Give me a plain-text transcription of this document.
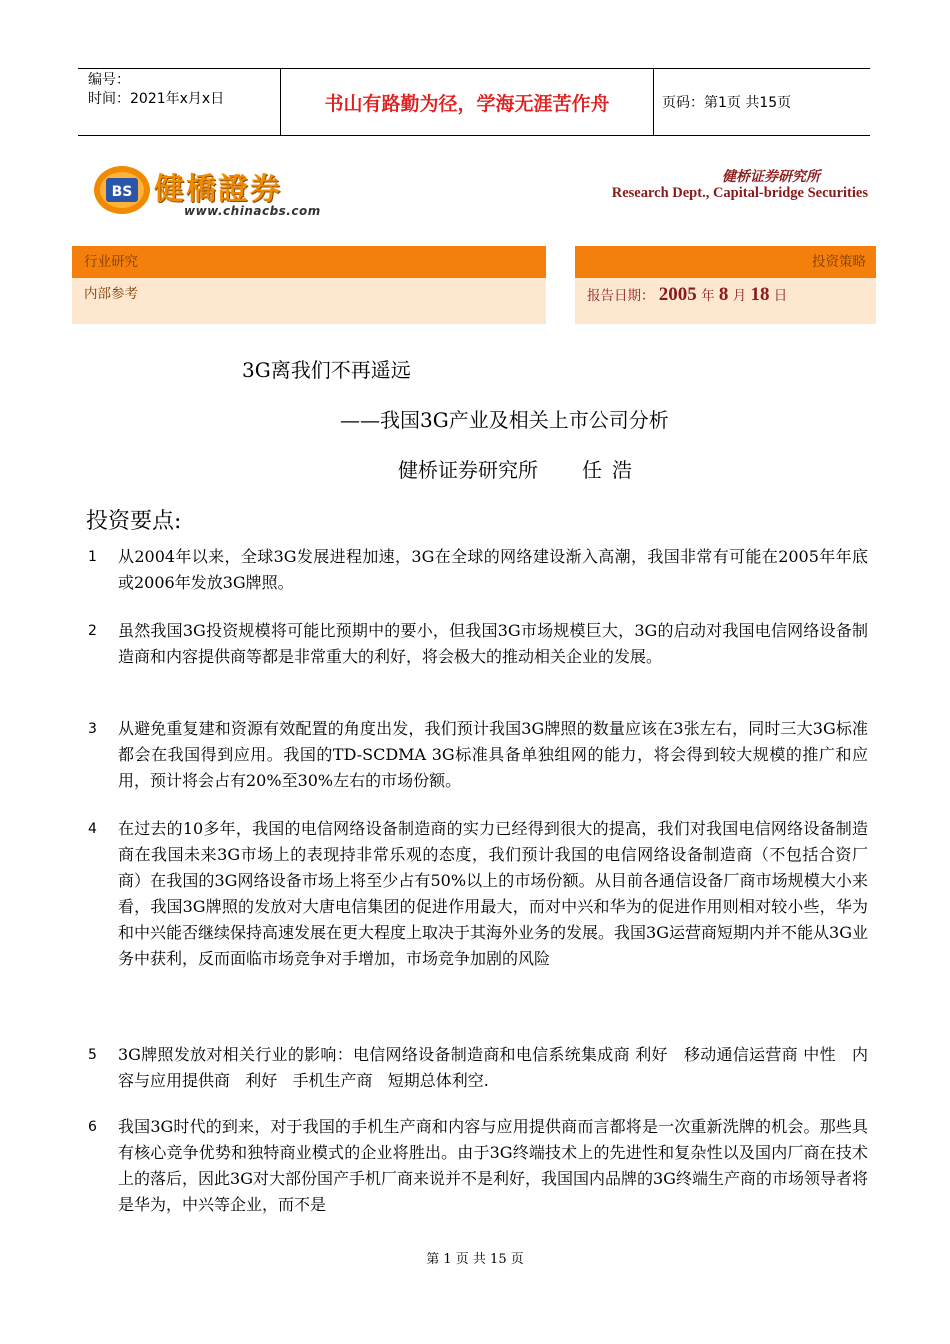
编号：
时间：2021年x月x日	书山有路勤为径，学海无涯苦作舟	页码：第1页 共15页
BS 健橋證券
www.chinacbs.com
健桥证券研究所
Research Dept., Capital-bridge Securities
行业研究
内部参考
投资策略
报告日期： 2005 年 8 月 18 日
3G离我们不再遥远
——我国3G产业及相关上市公司分析
健桥证券研究所 任浩
投资要点:
1	从2004年以来，全球3G发展进程加速，3G在全球的网络建设渐入高潮，我国非常有可能在2005年年底或2006年发放3G牌照。
2	虽然我国3G投资规模将可能比预期中的要小，但我国3G市场规模巨大，3G的启动对我国电信网络设备制造商和内容提供商等都是非常重大的利好，将会极大的推动相关企业的发展。
3	从避免重复建和资源有效配置的角度出发，我们预计我国3G牌照的数量应该在3张左右，同时三大3G标准都会在我国得到应用。我国的TD-SCDMA 3G标准具备单独组网的能力，将会得到较大规模的推广和应用，预计将会占有20%至30%左右的市场份额。
4	在过去的10多年，我国的电信网络设备制造商的实力已经得到很大的提高，我们对我国电信网络设备制造商在我国未来3G市场上的表现持非常乐观的态度，我们预计我国的电信网络设备制造商（不包括合资厂商）在我国的3G网络设备市场上将至少占有50%以上的市场份额。从目前各通信设备厂商市场规模大小来看，我国3G牌照的发放对大唐电信集团的促进作用最大，而对中兴和华为的促进作用则相对较小些，华为和中兴能否继续保持高速发展在更大程度上取决于其海外业务的发展。我国3G运营商短期内并不能从3G业务中获利，反而面临市场竞争对手增加，市场竞争加剧的风险
5	3G牌照发放对相关行业的影响：电信网络设备制造商和电信系统集成商 利好   移动通信运营商 中性   内容与应用提供商   利好   手机生产商   短期总体利空.
6	我国3G时代的到来，对于我国的手机生产商和内容与应用提供商而言都将是一次重新洗牌的机会。那些具有核心竞争优势和独特商业模式的企业将胜出。由于3G终端技术上的先进性和复杂性以及国内厂商在技术上的落后，因此3G对大部份国产手机厂商来说并不是利好，我国国内品牌的3G终端生产商的市场领导者将是华为，中兴等企业，而不是
第 1 页 共 15 页
